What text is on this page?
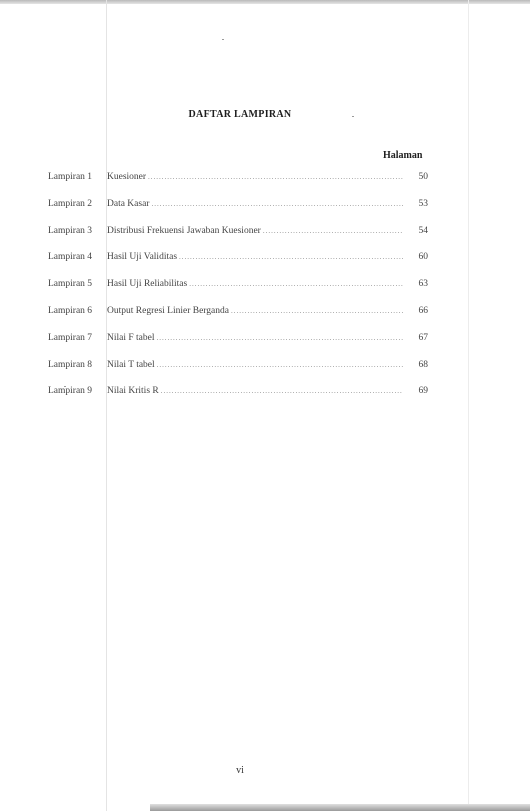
DAFTAR LAMPIRAN
Halaman
Lampiran 1	Kuesioner .....	50
Lampiran 2	Data Kasar .....	53
Lampiran 3	Distribusi Frekuensi Jawaban Kuesioner .....	54
Lampiran 4	Hasil Uji Validitas .....	60
Lampiran 5	Hasil Uji Reliabilitas .....	63
Lampiran 6	Output Regresi Linier Berganda .....	66
Lampiran 7	Nilai F tabel .....	67
Lampiran 8	Nilai T tabel .....	68
Lampiran 9	Nilai Kritis R .....	69
vi
